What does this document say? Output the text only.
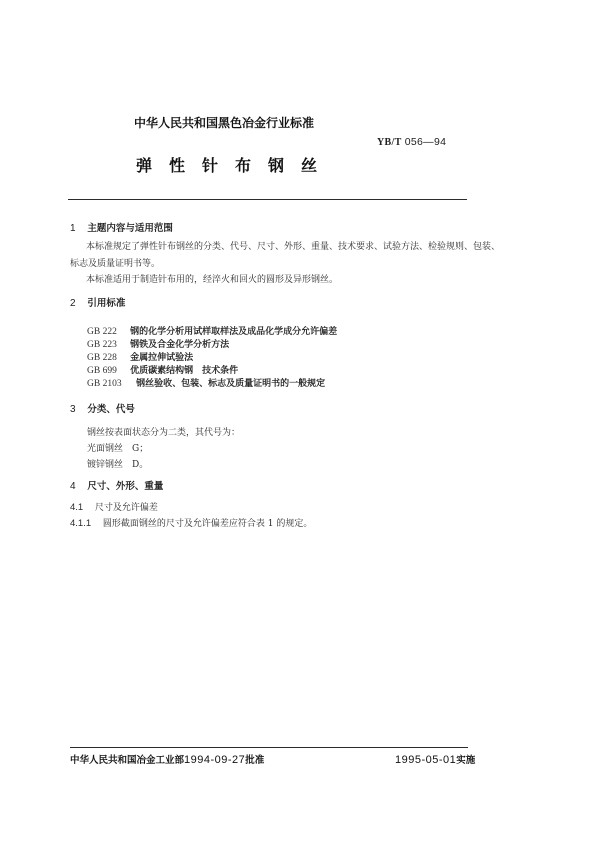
中华人民共和国黑色冶金行业标准
YB/T 056—94
弹性针布钢丝
1 主题内容与适用范围
本标准规定了弹性针布钢丝的分类、代号、尺寸、外形、重量、技术要求、试验方法、检验规则、包装、
标志及质量证明书等。
本标准适用于制造针布用的，经淬火和回火的圆形及异形钢丝。
2 引用标准
GB 222 钢的化学分析用试样取样法及成品化学成分允许偏差
GB 223 钢铁及合金化学分析方法
GB 228 金属拉伸试验法
GB 699 优质碳素结构钢　技术条件
GB 2103 钢丝验收、包装、标志及质量证明书的一般规定
3 分类、代号
钢丝按表面状态分为二类，其代号为：
光面钢丝　G；
镀锌钢丝　D。
4 尺寸、外形、重量
4.1 尺寸及允许偏差
4.1.1 圆形截面钢丝的尺寸及允许偏差应符合表 1 的规定。
中华人民共和国冶金工业部1994-09-27批准	1995-05-01实施
